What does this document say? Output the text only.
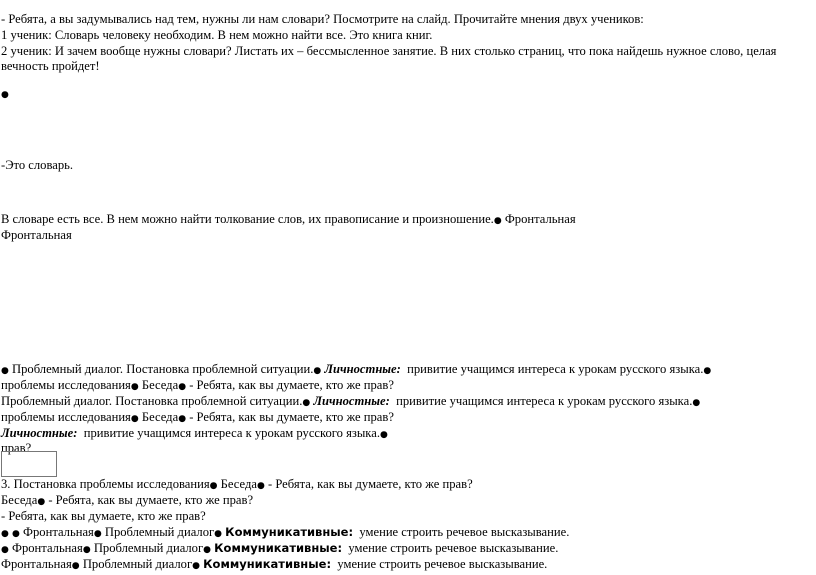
- Ребята, а вы задумывались над тем, нужны ли нам словари? Посмотрите на слайд. Прочитайте мнения двух учеников:

1 ученик: Словарь человеку необходим. В нем можно найти все. Это книга книг.

2 ученик: И зачем вообще нужны словари? Листать их – бессмысленное занятие. В них столько страниц, что пока найдешь нужное слово, целая вечность пройдет!

●

-Это словарь.

В словаре есть все. В нем можно найти толкование слов, их правописание и произношение.● Фронтальная

Фронтальная

● Проблемный диалог. Постановка проблемной ситуации.● Личностные: привитие учащимся интереса к урокам русского языка.●

проблемы исследования● Беседа● - Ребята, как вы думаете, кто же прав?

Проблемный диалог. Постановка проблемной ситуации.● Личностные: привитие учащимся интереса к урокам русского языка.●

проблемы исследования● Беседа● - Ребята, как вы думаете, кто же прав?

Личностные: привитие учащимся интереса к урокам русского языка.●

прав?

3. Постановка проблемы исследования● Беседа● - Ребята, как вы думаете, кто же прав?

Беседа● - Ребята, как вы думаете, кто же прав?

- Ребята, как вы думаете, кто же прав?

● ● Фронтальная● Проблемный диалог● Коммуникативные: умение строить речевое высказывание.

● Фронтальная● Проблемный диалог● Коммуникативные: умение строить речевое высказывание.

Фронтальная● Проблемный диалог● Коммуникативные: умение строить речевое высказывание.
